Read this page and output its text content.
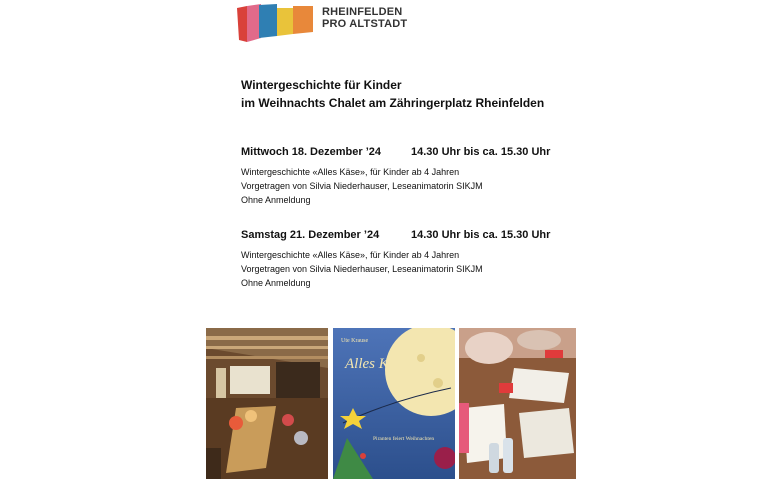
RHEINFELDEN
PRO ALTSTADT
Wintergeschichte für Kinder
im Weihnachts Chalet am Zähringerplatz Rheinfelden
Mittwoch 18. Dezember ’24	14.30 Uhr bis ca. 15.30 Uhr
Wintergeschichte «Alles Käse», für Kinder ab 4 Jahren
Vorgetragen von Silvia Niederhauser, Leseanimatorin SIKJM
Ohne Anmeldung
Samstag 21. Dezember ’24	14.30 Uhr bis ca. 15.30 Uhr
Wintergeschichte «Alles Käse», für Kinder ab 4 Jahren
Vorgetragen von Silvia Niederhauser, Leseanimatorin SIKJM
Ohne Anmeldung
Ute Krause
Alles Käse!
Piranten feiert Weihnachten
